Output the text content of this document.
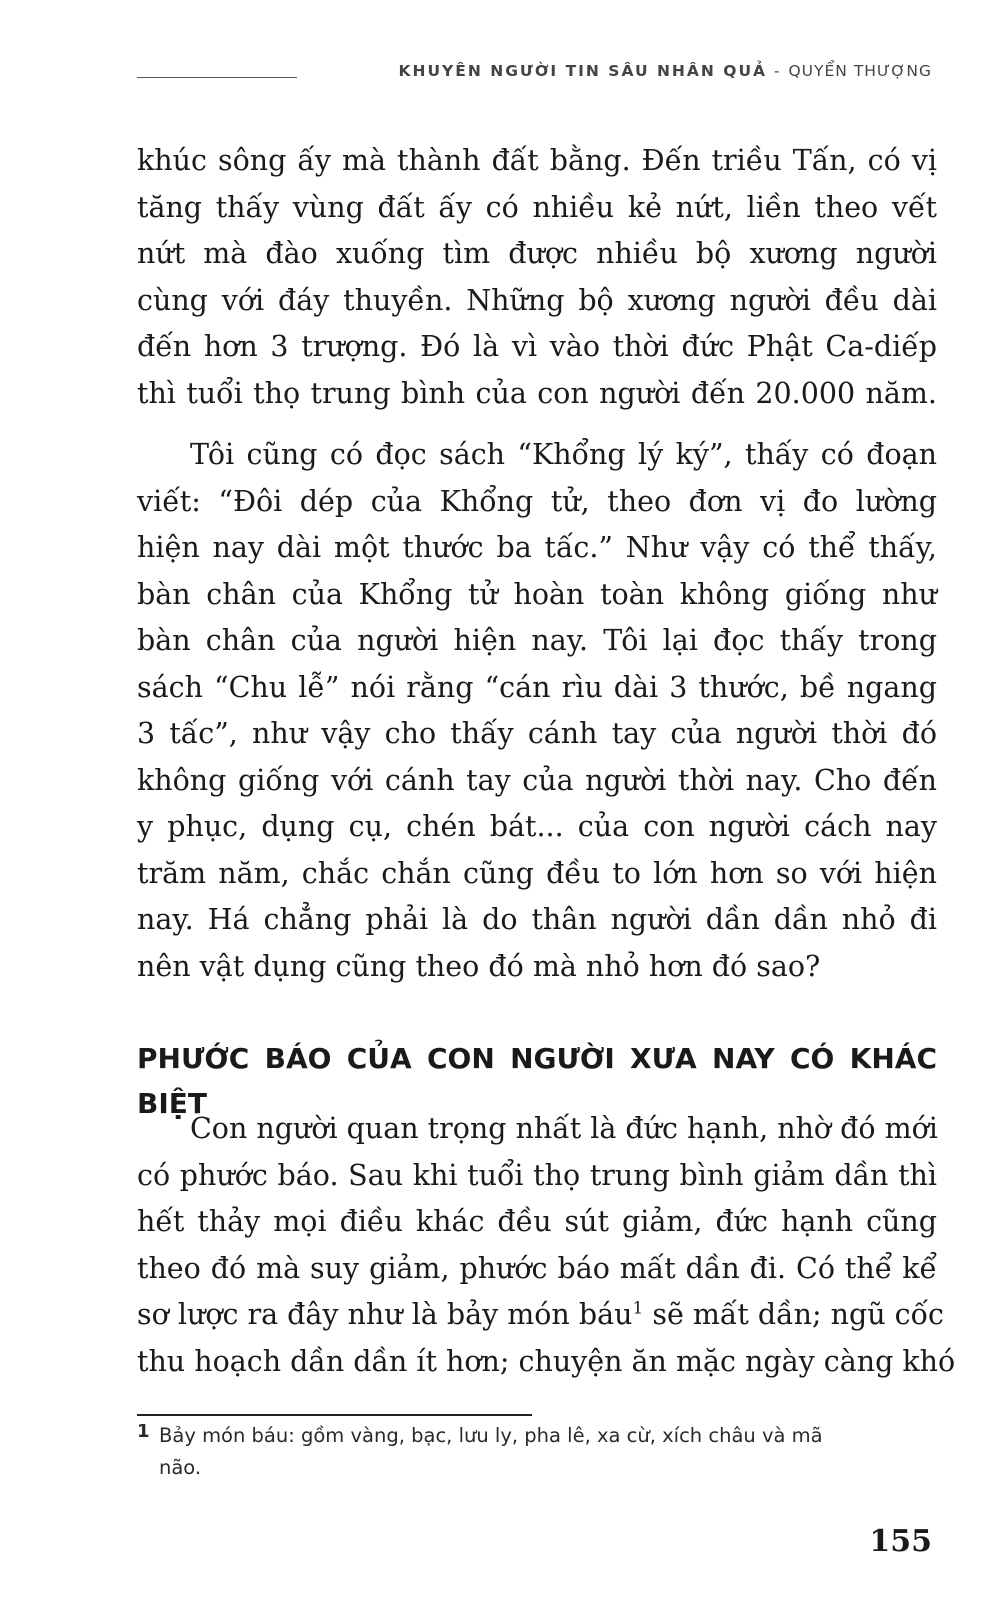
KHUYÊN NGƯỜI TIN SÂU NHÂN QUẢ - QUYỂN THƯỢNG
khúc sông ấy mà thành đất bằng. Đến triều Tấn, có vị
tăng thấy vùng đất ấy có nhiều kẻ nứt, liền theo vết
nứt mà đào xuống tìm được nhiều bộ xương người
cùng với đáy thuyền. Những bộ xương người đều dài
đến hơn 3 trượng. Đó là vì vào thời đức Phật Ca-diếp
thì tuổi thọ trung bình của con người đến 20.000 năm.
Tôi cũng có đọc sách “Khổng lý ký”, thấy có đoạn
viết: “Đôi dép của Khổng tử, theo đơn vị đo lường
hiện nay dài một thước ba tấc.” Như vậy có thể thấy,
bàn chân của Khổng tử hoàn toàn không giống như
bàn chân của người hiện nay. Tôi lại đọc thấy trong
sách “Chu lễ” nói rằng “cán rìu dài 3 thước, bề ngang
3 tấc”, như vậy cho thấy cánh tay của người thời đó
không giống với cánh tay của người thời nay. Cho đến
y phục, dụng cụ, chén bát... của con người cách nay
trăm năm, chắc chắn cũng đều to lớn hơn so với hiện
nay. Há chẳng phải là do thân người dần dần nhỏ đi
nên vật dụng cũng theo đó mà nhỏ hơn đó sao?
PHƯỚC BÁO CỦA CON NGƯỜI XƯA NAY CÓ KHÁC
BIỆT
Con người quan trọng nhất là đức hạnh, nhờ đó mới
có phước báo. Sau khi tuổi thọ trung bình giảm dần thì
hết thảy mọi điều khác đều sút giảm, đức hạnh cũng
theo đó mà suy giảm, phước báo mất dần đi. Có thể kể
sơ lược ra đây như là bảy món báu$^1$ sẽ mất dần; ngũ cốc
thu hoạch dần dần ít hơn; chuyện ăn mặc ngày càng khó
1 Bảy món báu: gồm vàng, bạc, lưu ly, pha lê, xa cừ, xích châu và mã
não.
155
